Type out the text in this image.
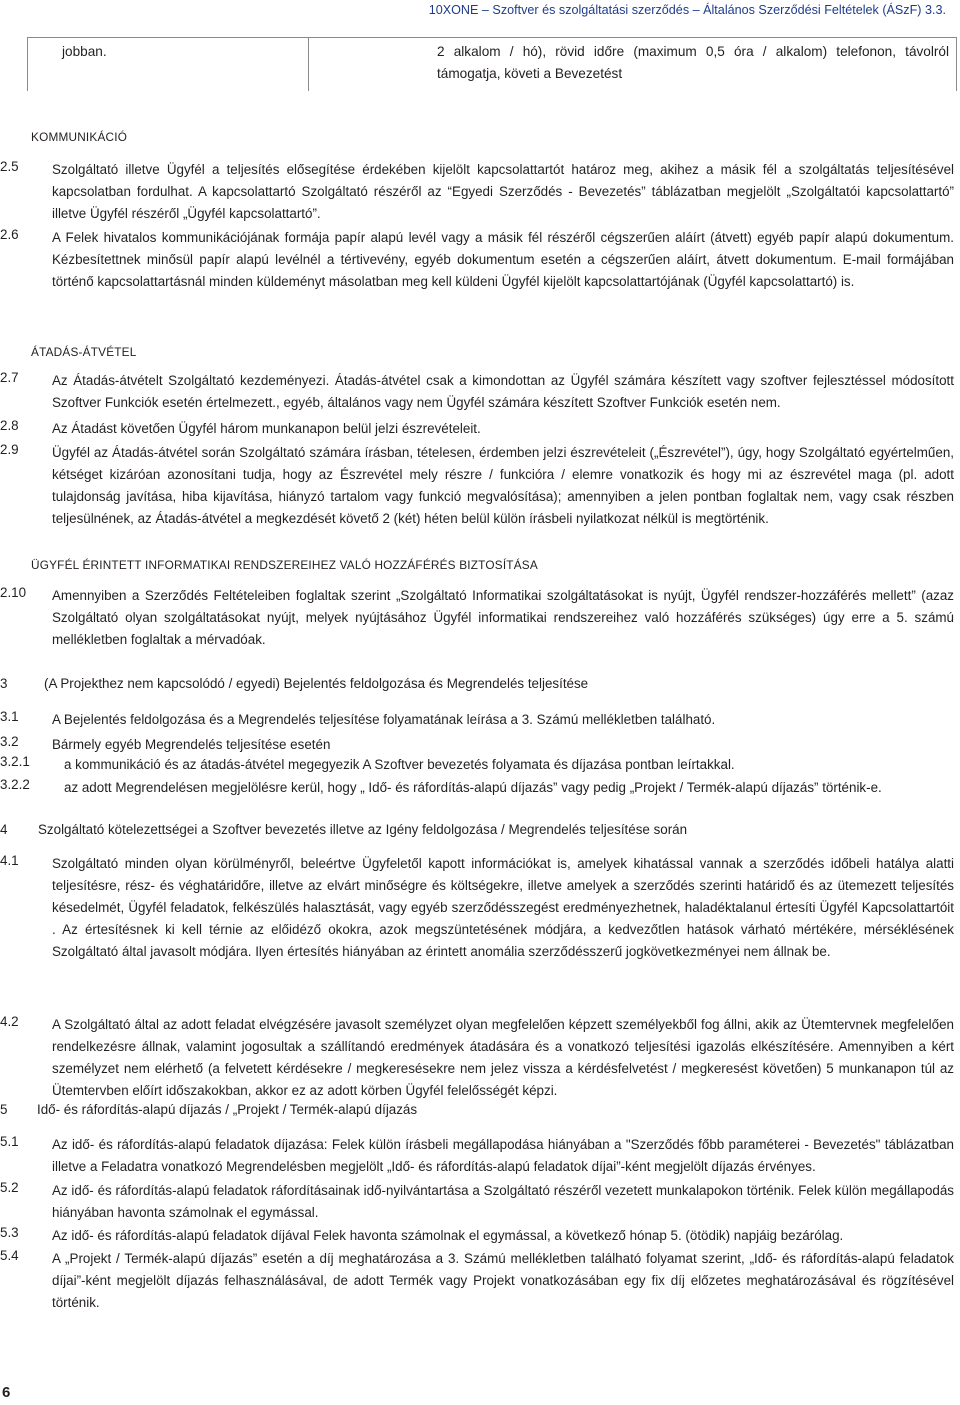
10XONE – Szoftver és szolgáltatási szerződés – Általános Szerződési Feltételek (ÁSzF) 3.3.
jobban.	2 alkalom / hó), rövid időre (maximum 0,5 óra / alkalom) telefonon, távolról támogatja, követi a Bevezetést
KOMMUNIKÁCIÓ
2.5 Szolgáltató illetve Ügyfél a teljesítés elősegítése érdekében kijelölt kapcsolattartót határoz meg, akihez a másik fél a szolgáltatás teljesítésével kapcsolatban fordulhat. A kapcsolattartó Szolgáltató részéről az “Egyedi Szerződés - Bevezetés” táblázatban megjelölt „Szolgáltatói kapcsolattartó” illetve Ügyfél részéről „Ügyfél kapcsolattartó”.
2.6 A Felek hivatalos kommunikációjának formája papír alapú levél vagy a másik fél részéről cégszerűen aláírt (átvett) egyéb papír alapú dokumentum. Kézbesítettnek minősül papír alapú levélnél a tértivevény, egyéb dokumentum esetén a cégszerűen aláírt, átvett dokumentum. E-mail formájában történő kapcsolattartásnál minden küldeményt másolatban meg kell küldeni Ügyfél kijelölt kapcsolattartójának (Ügyfél kapcsolattartó) is.
ÁTADÁS-ÁTVÉTEL
2.7 Az Átadás-átvételt Szolgáltató kezdeményezi. Átadás-átvétel csak a kimondottan az Ügyfél számára készített vagy szoftver fejlesztéssel módosított Szoftver Funkciók esetén értelmezett., egyéb, általános vagy nem Ügyfél számára készített Szoftver Funkciók esetén nem.
2.8 Az Átadást követően Ügyfél három munkanapon belül jelzi észrevételeit.
2.9 Ügyfél az Átadás-átvétel során Szolgáltató számára írásban, tételesen, érdemben jelzi észrevételeit („Észrevétel”), úgy, hogy Szolgáltató egyértelműen, kétséget kizáróan azonosítani tudja, hogy az Észrevétel mely részre / funkcióra / elemre vonatkozik és hogy mi az észrevétel maga (pl. adott tulajdonság javítása, hiba kijavítása, hiányzó tartalom vagy funkció megvalósítása); amennyiben a jelen pontban foglaltak nem, vagy csak részben teljesülnének, az Átadás-átvétel a megkezdését követő 2 (két) héten belül külön írásbeli nyilatkozat nélkül is megtörténik.
ÜGYFÉL ÉRINTETT INFORMATIKAI RENDSZEREIHEZ VALÓ HOZZÁFÉRÉS BIZTOSÍTÁSA
2.10 Amennyiben a Szerződés Feltételeiben foglaltak szerint „Szolgáltató Informatikai szolgáltatásokat is nyújt, Ügyfél rendszer-hozzáférés mellett” (azaz Szolgáltató olyan szolgáltatásokat nyújt, melyek nyújtásához Ügyfél informatikai rendszereihez való hozzáférés szükséges) úgy erre a 5. számú mellékletben foglaltak a mérvadóak.
3	(A Projekthez nem kapcsolódó / egyedi) Bejelentés feldolgozása és Megrendelés teljesítése
3.1 A Bejelentés feldolgozása és a Megrendelés teljesítése folyamatának leírása a 3. Számú mellékletben található.
3.2 Bármely egyéb Megrendelés teljesítése esetén
3.2.1	a kommunikáció és az átadás-átvétel megegyezik A Szoftver bevezetés folyamata és díjazása pontban leírtakkal.
3.2.2	az adott Megrendelésen megjelölésre kerül, hogy „ Idő- és ráfordítás-alapú díjazás” vagy pedig „Projekt / Termék-alapú díjazás” történik-e.
4 Szolgáltató kötelezettségei a Szoftver bevezetés illetve az Igény feldolgozása / Megrendelés teljesítése során
4.1 Szolgáltató minden olyan körülményről, beleértve Ügyfeletől kapott információkat is, amelyek kihatással vannak a szerződés időbeli hatálya alatti teljesítésre, rész- és véghatáridőre, illetve az elvárt minőségre és költségekre, illetve amelyek a szerződés szerinti határidő és az ütemezett teljesítés késedelmét, Ügyfél feladatok, felkészülés halasztását, vagy egyéb szerződésszegést eredményezhetnek, haladéktalanul értesíti Ügyfél Kapcsolattartóit . Az értesítésnek ki kell térnie az előidéző okokra, azok megszüntetésének módjára, a kedvezőtlen hatások várható mértékére, mérséklésének Szolgáltató által javasolt módjára. Ilyen értesítés hiányában az érintett anomália szerződésszerű jogkövetkezményei nem állnak be.
4.2 A Szolgáltató által az adott feladat elvégzésére javasolt személyzet olyan megfelelően képzett személyekből fog állni, akik az Ütemtervnek megfelelően rendelkezésre állnak, valamint jogosultak a szállítandó eredmények átadására és a vonatkozó teljesítési igazolás elkészítésére. Amennyiben a kért személyzet nem elérhető (a felvetett kérdésekre / megkeresésekre nem jelez vissza a kérdésfelvetést / megkeresést követően) 5 munkanapon túl az Ütemtervben előírt időszakokban, akkor ez az adott körben Ügyfél felelősségét képzi.
5 Idő- és ráfordítás-alapú díjazás / „Projekt / Termék-alapú díjazás
5.1 Az idő- és ráfordítás-alapú feladatok díjazása: Felek külön írásbeli megállapodása hiányában a "Szerződés főbb paraméterei - Bevezetés" táblázatban illetve a Feladatra vonatkozó Megrendelésben megjelölt „Idő- és ráfordítás-alapú feladatok díjai”-ként megjelölt díjazás érvényes.
5.2 Az idő- és ráfordítás-alapú feladatok ráfordításainak idő-nyilvántartása a Szolgáltató részéről vezetett munkalapokon történik. Felek külön megállapodás hiányában havonta számolnak el egymással.
5.3 Az idő- és ráfordítás-alapú feladatok díjával Felek havonta számolnak el egymással, a következő hónap 5. (ötödik) napjáig bezárólag.
5.4 A „Projekt / Termék-alapú díjazás” esetén a díj meghatározása a 3. Számú mellékletben található folyamat szerint, „Idő- és ráfordítás-alapú feladatok díjai”-ként megjelölt díjazás felhasználásával, de adott Termék vagy Projekt vonatkozásában egy fix díj előzetes meghatározásával és rögzítésével történik.
6
